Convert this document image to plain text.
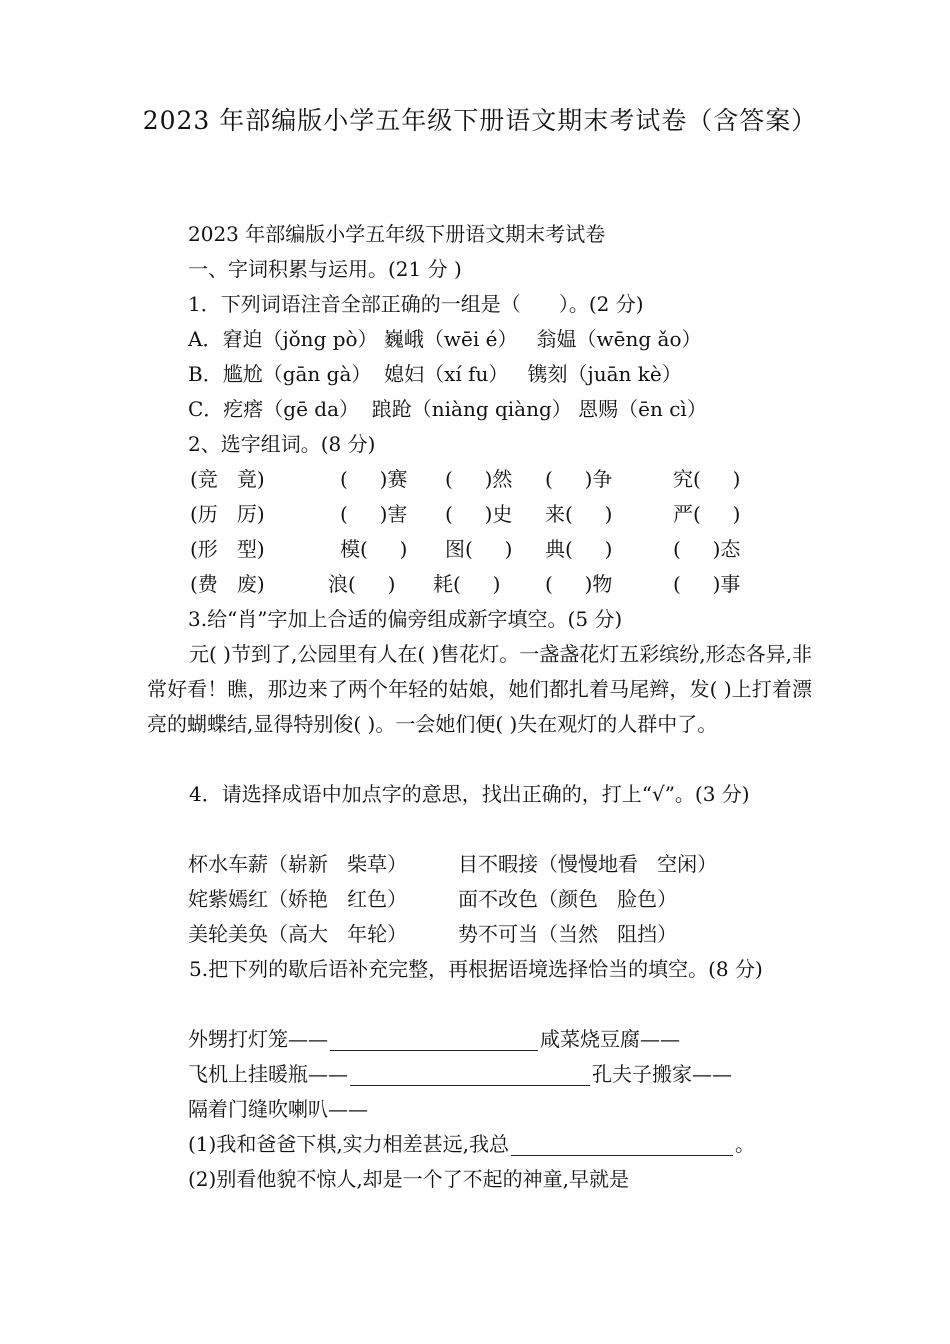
2023 年部编版小学五年级下册语文期末考试卷（含答案）
2023 年部编版小学五年级下册语文期末考试卷
一、字词积累与运用。(21 分 )
1．下列词语注音全部正确的一组是（      ）。(2 分)
A．窘迫（jǒng pò） 巍峨（wēi é）   翁媪（wēng ǎo）
B．尴尬（gān gà）  媳妇（xí fu）   镌刻（juān kè）
C．疙瘩（gē da）  踉跄（niàng qiàng） 恩赐（ēn cì）
2、选字组词。(8 分)
(竞   竟)	(     )赛 (     )然 (     )争	究(     )
(历   厉)	(     )害 (     )史 来(     )	严(     )
(形   型)	模(     ) 图(     ) 典(     )	(     )态
(费   废)	浪(     ) 耗(     ) (     )物	(     )事
3.给“肖”字加上合适的偏旁组成新字填空。(5 分)
元( )节到了,公园里有人在( )售花灯。一盏盏花灯五彩缤纷,形态各异,非常好看！瞧，那边来了两个年轻的姑娘，她们都扎着马尾辫，发( )上打着漂亮的蝴蝶结,显得特别俊( )。一会她们便( )失在观灯的人群中了。
4．请选择成语中加点字的意思，找出正确的，打上“√”。(3 分)
杯水车薪（崭新   柴草）	目不暇接（慢慢地看   空闲）
姹紫嫣红（娇艳   红色）	面不改色（颜色   脸色）
美轮美奂（高大   年轮）	势不可当（当然   阻挡）
5.把下列的歇后语补充完整，再根据语境选择恰当的填空。(8 分)
外甥打灯笼——	咸菜烧豆腐——
飞机上挂暖瓶——	孔夫子搬家——
隔着门缝吹喇叭——
(1)我和爸爸下棋,实力相差甚远,我总	。
(2)别看他貌不惊人,却是一个了不起的神童,早就是
